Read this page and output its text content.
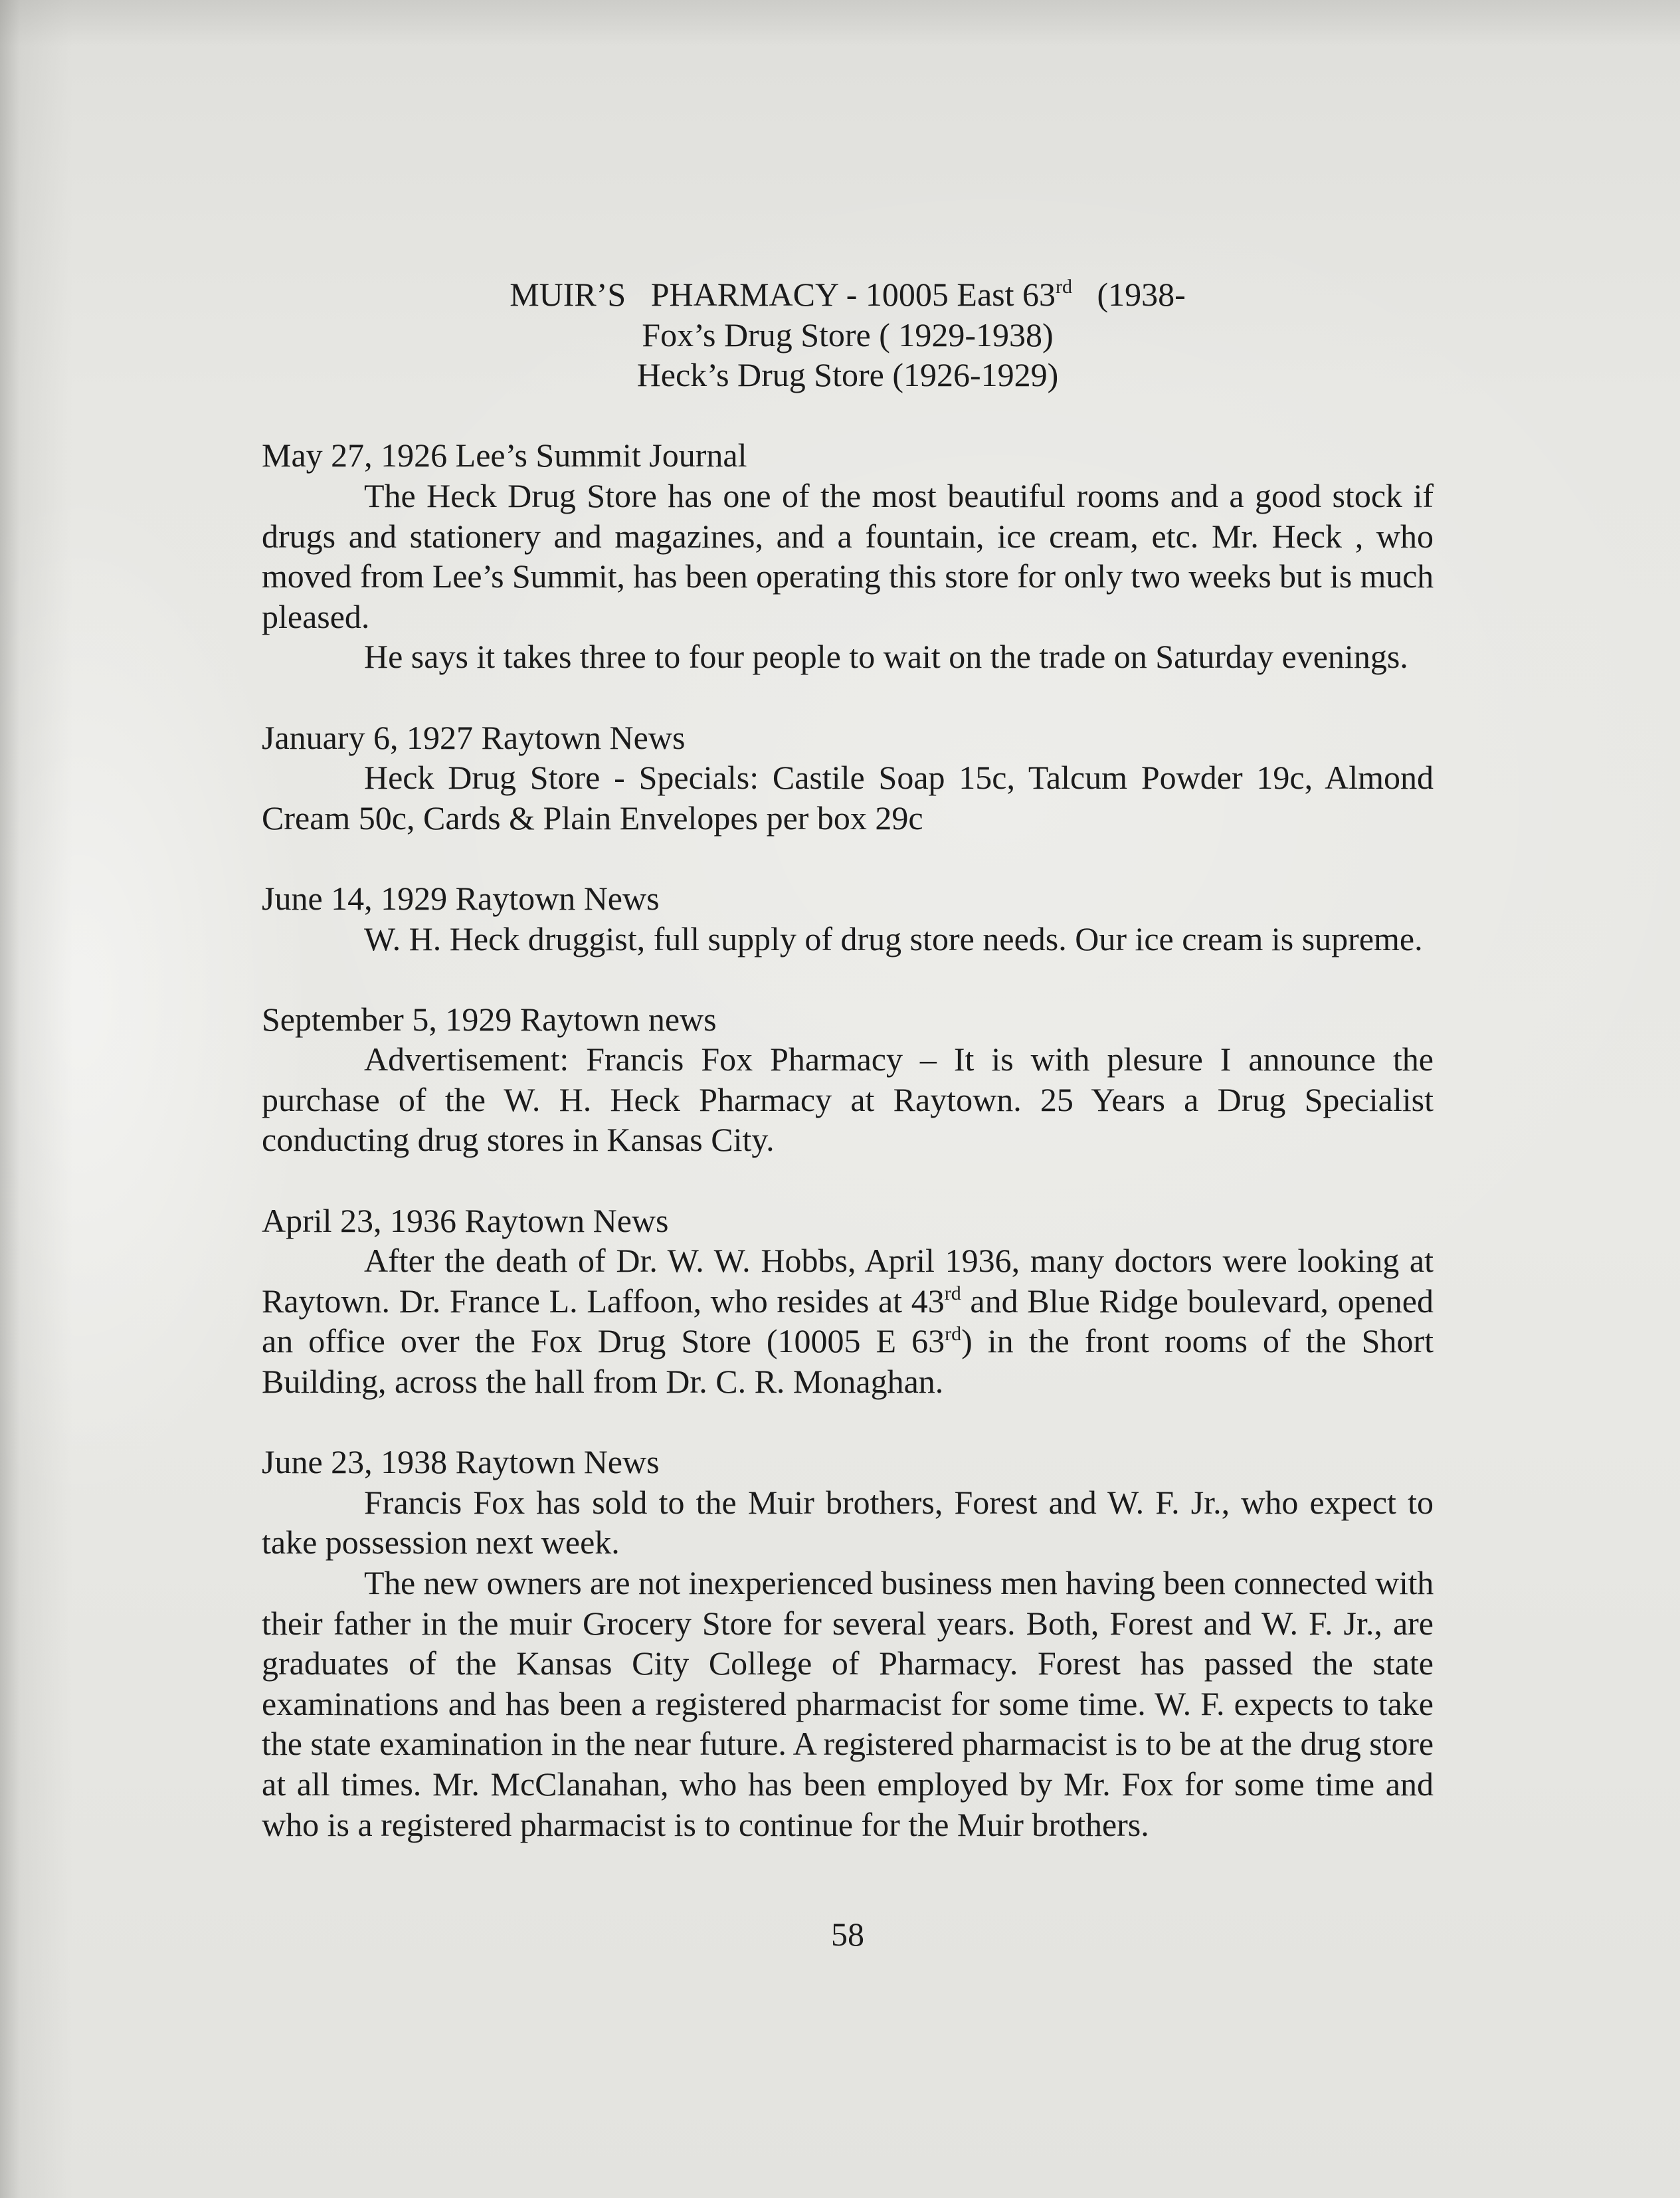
MUIR’S   PHARMACY - 10005 East 63rd   (1938-
Fox’s Drug Store ( 1929-1938)
Heck’s Drug Store (1926-1929)
May 27, 1926 Lee’s Summit Journal
The Heck Drug Store has one of the most beautiful rooms and a good stock if
drugs and stationery and magazines, and a fountain, ice cream, etc. Mr. Heck , who
moved from Lee’s Summit, has been operating this store for only two weeks but is much
pleased.
He says it takes three to four people to wait on the trade on Saturday evenings.
January 6, 1927 Raytown News
Heck Drug Store - Specials: Castile Soap 15c, Talcum Powder 19c, Almond
Cream 50c, Cards & Plain Envelopes per box 29c
June 14, 1929 Raytown News
W. H. Heck druggist, full supply of drug store needs. Our ice cream is supreme.
September 5, 1929 Raytown news
Advertisement: Francis Fox Pharmacy – It is with plesure I announce the
purchase of the W. H. Heck Pharmacy at Raytown. 25 Years a Drug Specialist
conducting drug stores in Kansas City.
April 23, 1936 Raytown News
After the death of Dr. W. W. Hobbs, April 1936, many doctors were looking at
Raytown. Dr. France L. Laffoon, who resides at 43rd and Blue Ridge boulevard, opened
an office over the Fox Drug Store (10005 E 63rd) in the front rooms of the Short
Building, across the hall from Dr. C. R. Monaghan.
June 23, 1938 Raytown News
Francis Fox has sold to the Muir brothers, Forest and W. F. Jr., who expect to
take possession next week.
The new owners are not inexperienced business men having been connected with
their father in the muir Grocery Store for several years. Both, Forest and W. F. Jr., are
graduates of the Kansas City College of Pharmacy. Forest has passed the state
examinations and has been a registered pharmacist for some time. W. F. expects to take
the state examination in the near future. A registered pharmacist is to be at the drug store
at all times. Mr. McClanahan, who has been employed by Mr. Fox for some time and
who is a registered pharmacist is to continue for the Muir brothers.
58
